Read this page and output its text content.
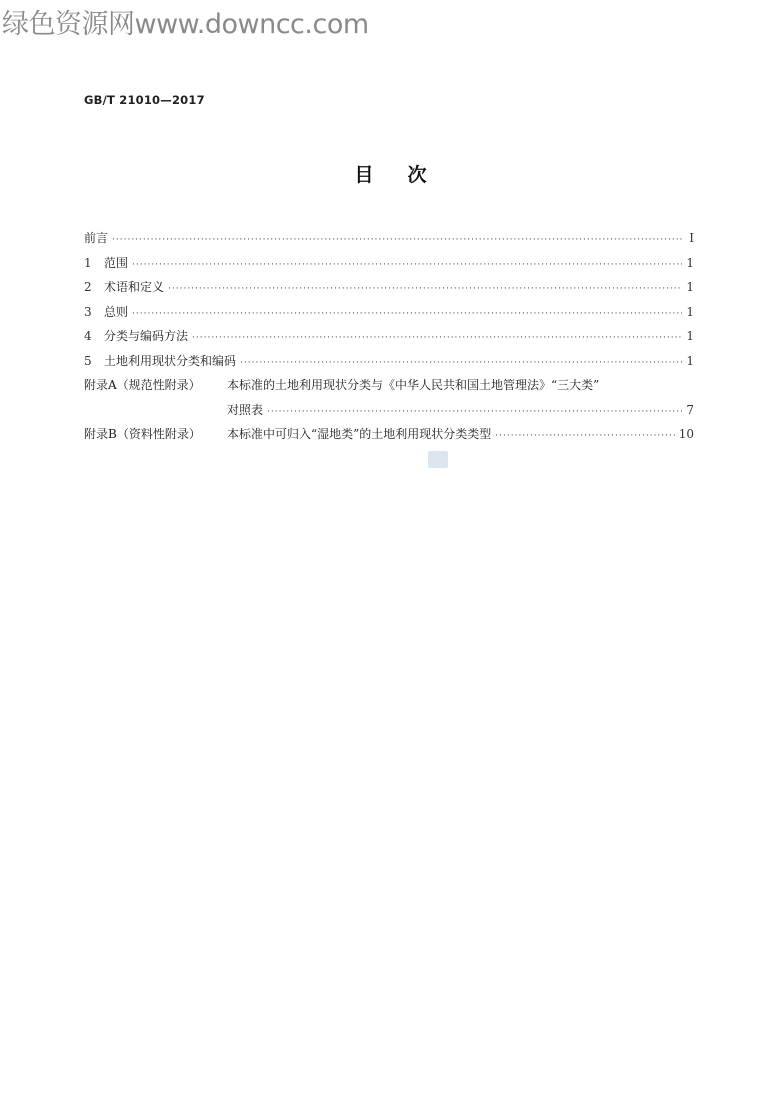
绿色资源网www.downcc.com
GB/T 21010—2017
目次
前言 ·····	I
1	范围 ·····	1
2	术语和定义 ·····	1
3	总则 ·····	1
4	分类与编码方法 ·····	1
5	土地利用现状分类和编码 ·····	1
附录A（规范性附录）	本标准的土地利用现状分类与《中华人民共和国土地管理法》“三大类”
对照表 ·····	7
附录B（资料性附录）	本标准中可归入“湿地类”的土地利用现状分类类型 ·····	10
